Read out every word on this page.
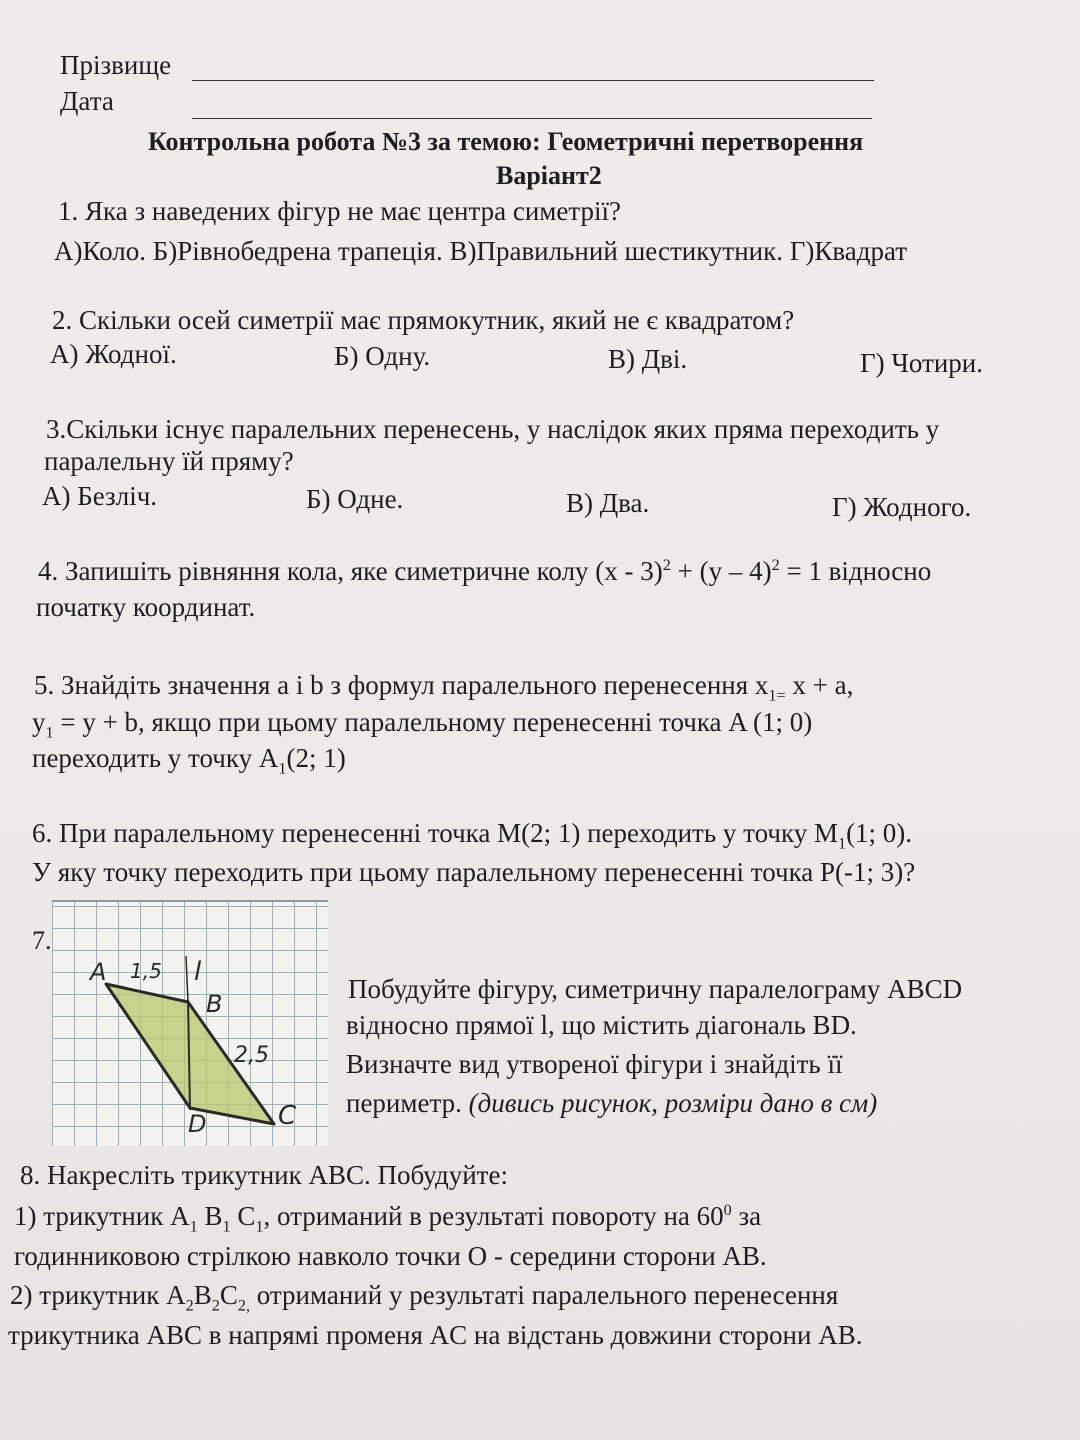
Прізвище
Дата
Контрольна робота №3 за темою: Геометричні перетворення
Варіант2
1. Яка з наведених фігур не має центра симетрії?
А)Коло. Б)Рівнобедрена трапеція. В)Правильний шестикутник. Г)Квадрат
2. Скільки осей симетрії має прямокутник, який не є квадратом?
А) Жодної.	Б) Одну.	В) Дві.	Г) Чотири.
3.Скільки існує паралельних перенесень, у наслідок яких пряма переходить у
паралельну їй пряму?
А) Безліч.	Б) Одне.	В) Два.	Г) Жодного.
4. Запишіть рівняння кола, яке симетричне колу (x - 3)$^2$ + (y – 4)$^2$ = 1 відносно
початку координат.
5. Знайдіть значення a і b з формул паралельного перенесення $x_{1=}$ x + a,
$y_1 = y + b$, якщо при цьому паралельному перенесенні точка A (1; 0)
переходить у точку $A_1(2$; 1)
6. При паралельному перенесенні точка M(2; 1) переходить у точку $M_1(1$; 0).
У яку точку переходить при цьому паралельному перенесенні точка P(-1; 3)?
7.
A 1,5 l
B
2,5
D	C
Побудуйте фігуру, симетричну паралелограму ABCD
відносно прямої l, що містить діагональ BD.
Визначте вид утвореної фігури і знайдіть її
периметр. (дивись рисунок, розміри дано в см)
8. Накресліть трикутник ABC. Побудуйте:
1) трикутник $A_1$ $B_1$ $C_1$, отриманий в результаті повороту на $60^0$ за
годинниковою стрілкою навколо точки O - середини сторони AB.
2) трикутник $A_2B_2C_{2,}$ отриманий у результаті паралельного перенесення
трикутника ABC в напрямі променя AC на відстань довжини сторони AB.
